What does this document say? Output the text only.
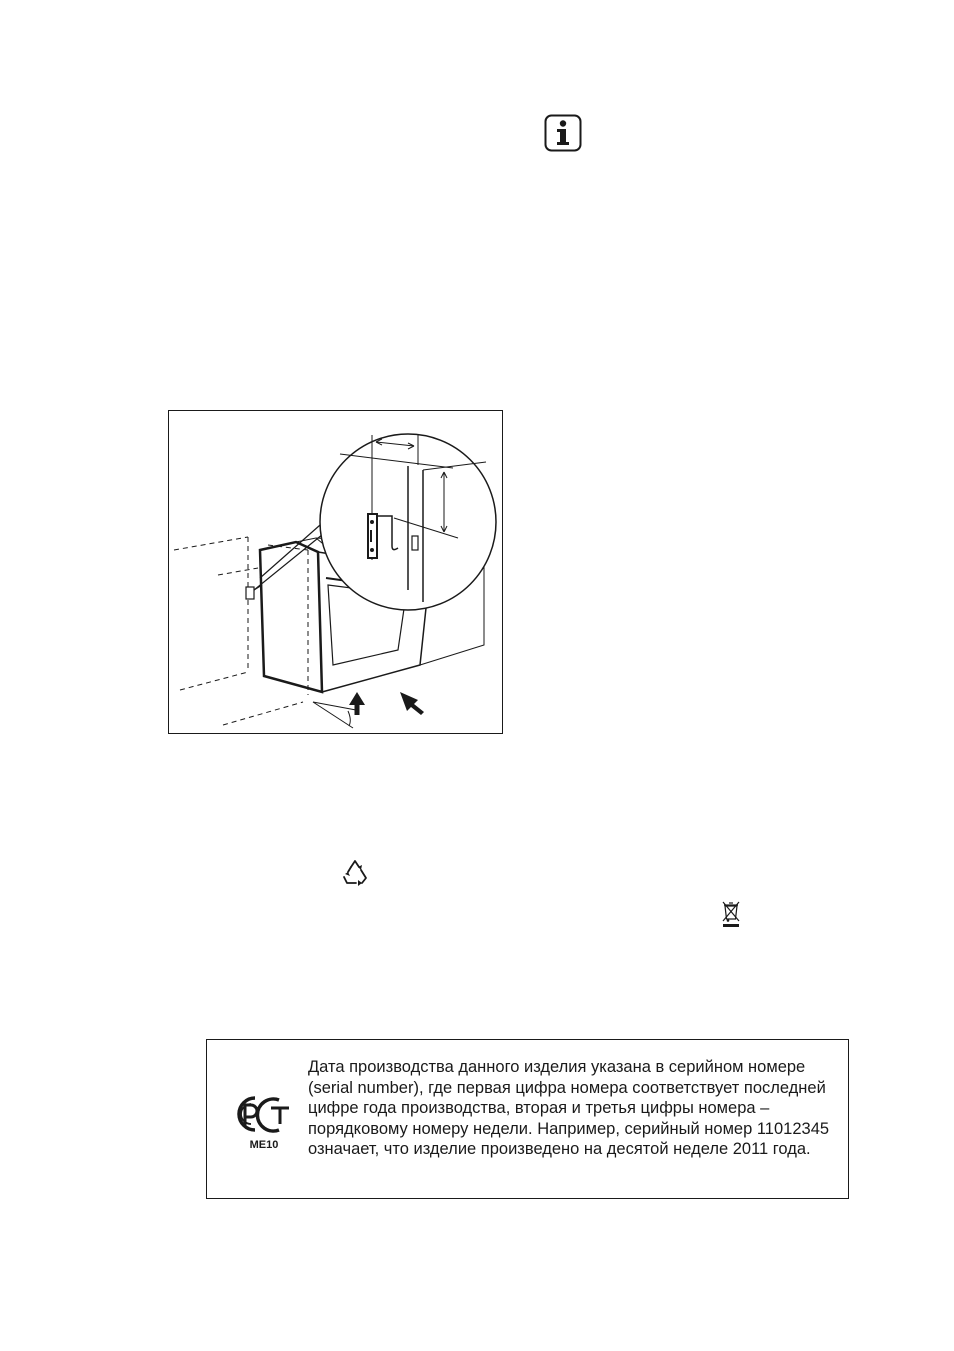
ME10

Дата производства данного изделия указана в серийном номере (serial number), где первая цифра номера соответствует последней цифре года производства, вторая и третья цифры номера – порядковому номеру недели. Например, серийный номер 11012345 означает, что изделие произведено на десятой неделе 2011 года.
